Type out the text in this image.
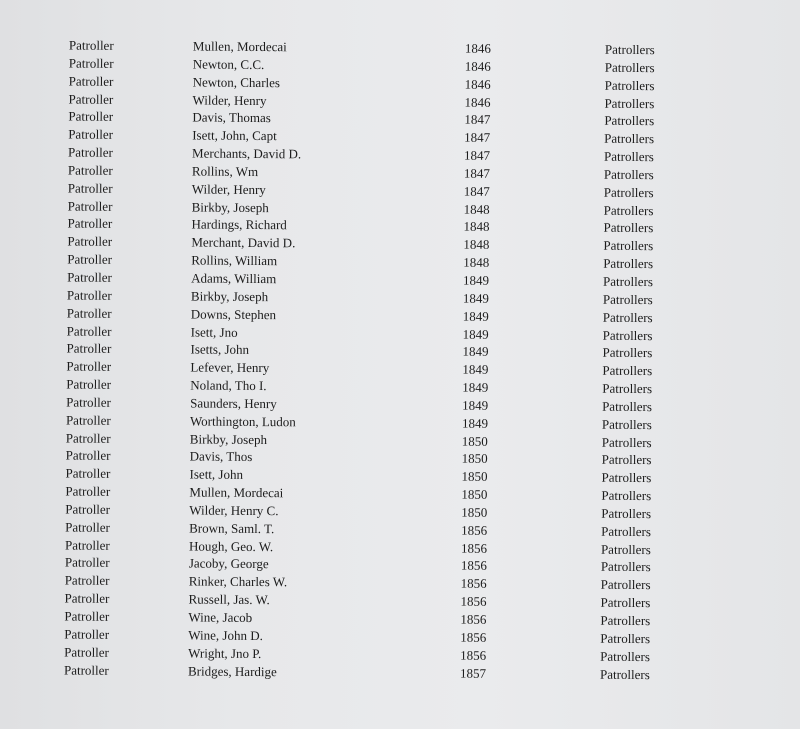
Patroller	Mullen, Mordecai	1846	Patrollers
Patroller	Newton, C.C.	1846	Patrollers
Patroller	Newton, Charles	1846	Patrollers
Patroller	Wilder, Henry	1846	Patrollers
Patroller	Davis, Thomas	1847	Patrollers
Patroller	Isett, John, Capt	1847	Patrollers
Patroller	Merchants, David D.	1847	Patrollers
Patroller	Rollins, Wm	1847	Patrollers
Patroller	Wilder, Henry	1847	Patrollers
Patroller	Birkby, Joseph	1848	Patrollers
Patroller	Hardings, Richard	1848	Patrollers
Patroller	Merchant, David D.	1848	Patrollers
Patroller	Rollins, William	1848	Patrollers
Patroller	Adams, William	1849	Patrollers
Patroller	Birkby, Joseph	1849	Patrollers
Patroller	Downs, Stephen	1849	Patrollers
Patroller	Isett, Jno	1849	Patrollers
Patroller	Isetts, John	1849	Patrollers
Patroller	Lefever, Henry	1849	Patrollers
Patroller	Noland, Tho I.	1849	Patrollers
Patroller	Saunders, Henry	1849	Patrollers
Patroller	Worthington, Ludon	1849	Patrollers
Patroller	Birkby, Joseph	1850	Patrollers
Patroller	Davis, Thos	1850	Patrollers
Patroller	Isett, John	1850	Patrollers
Patroller	Mullen, Mordecai	1850	Patrollers
Patroller	Wilder, Henry C.	1850	Patrollers
Patroller	Brown, Saml. T.	1856	Patrollers
Patroller	Hough, Geo. W.	1856	Patrollers
Patroller	Jacoby, George	1856	Patrollers
Patroller	Rinker, Charles W.	1856	Patrollers
Patroller	Russell, Jas. W.	1856	Patrollers
Patroller	Wine, Jacob	1856	Patrollers
Patroller	Wine, John D.	1856	Patrollers
Patroller	Wright, Jno P.	1856	Patrollers
Patroller	Bridges, Hardige	1857	Patrollers
